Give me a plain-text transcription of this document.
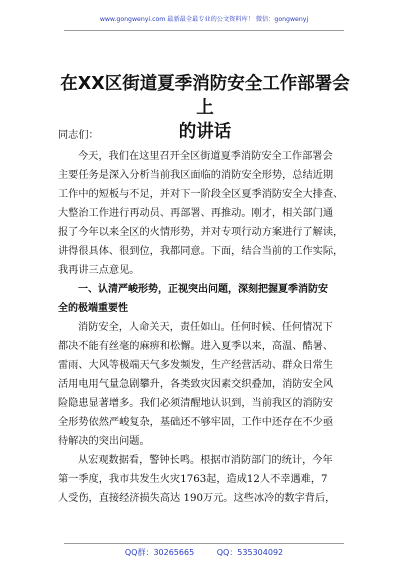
www.gongwenyi.com 最新最全最专业的公文资料库！ 微信：gongwenyj
在XX区街道夏季消防安全工作部署会上
的讲话
同志们：
今天，我们在这里召开全区街道夏季消防安全工作部署会
主要任务是深入分析当前我区面临的消防安全形势，总结近期
工作中的短板与不足，并对下一阶段全区夏季消防安全大排查、
大整治工作进行再动员、再部署、再推动。刚才，相关部门通
报了今年以来全区的火情形势，并对专项行动方案进行了解读，
讲得很具体、很到位，我都同意。下面，结合当前的工作实际，
我再讲三点意见。
一、认清严峻形势，正视突出问题，深刻把握夏季消防安
全的极端重要性
消防安全，人命关天，责任如山。任何时候、任何情况下
都决不能有丝毫的麻痹和松懈。进入夏季以来，高温、酷暑、
雷雨、大风等极端天气多发频发，生产经营活动、群众日常生
活用电用气量急剧攀升，各类致灾因素交织叠加，消防安全风
险隐患显著增多。我们必须清醒地认识到，当前我区的消防安
全形势依然严峻复杂，基础还不够牢固，工作中还存在不少亟
待解决的突出问题。
从宏观数据看，警钟长鸣。根据市消防部门的统计，今年
第一季度，我市共发生火灾1763起，造成12人不幸遇难，7
人受伤，直接经济损失高达 190万元。这些冰冷的数字背后，
QQ群：30265665	QQ：535304092
